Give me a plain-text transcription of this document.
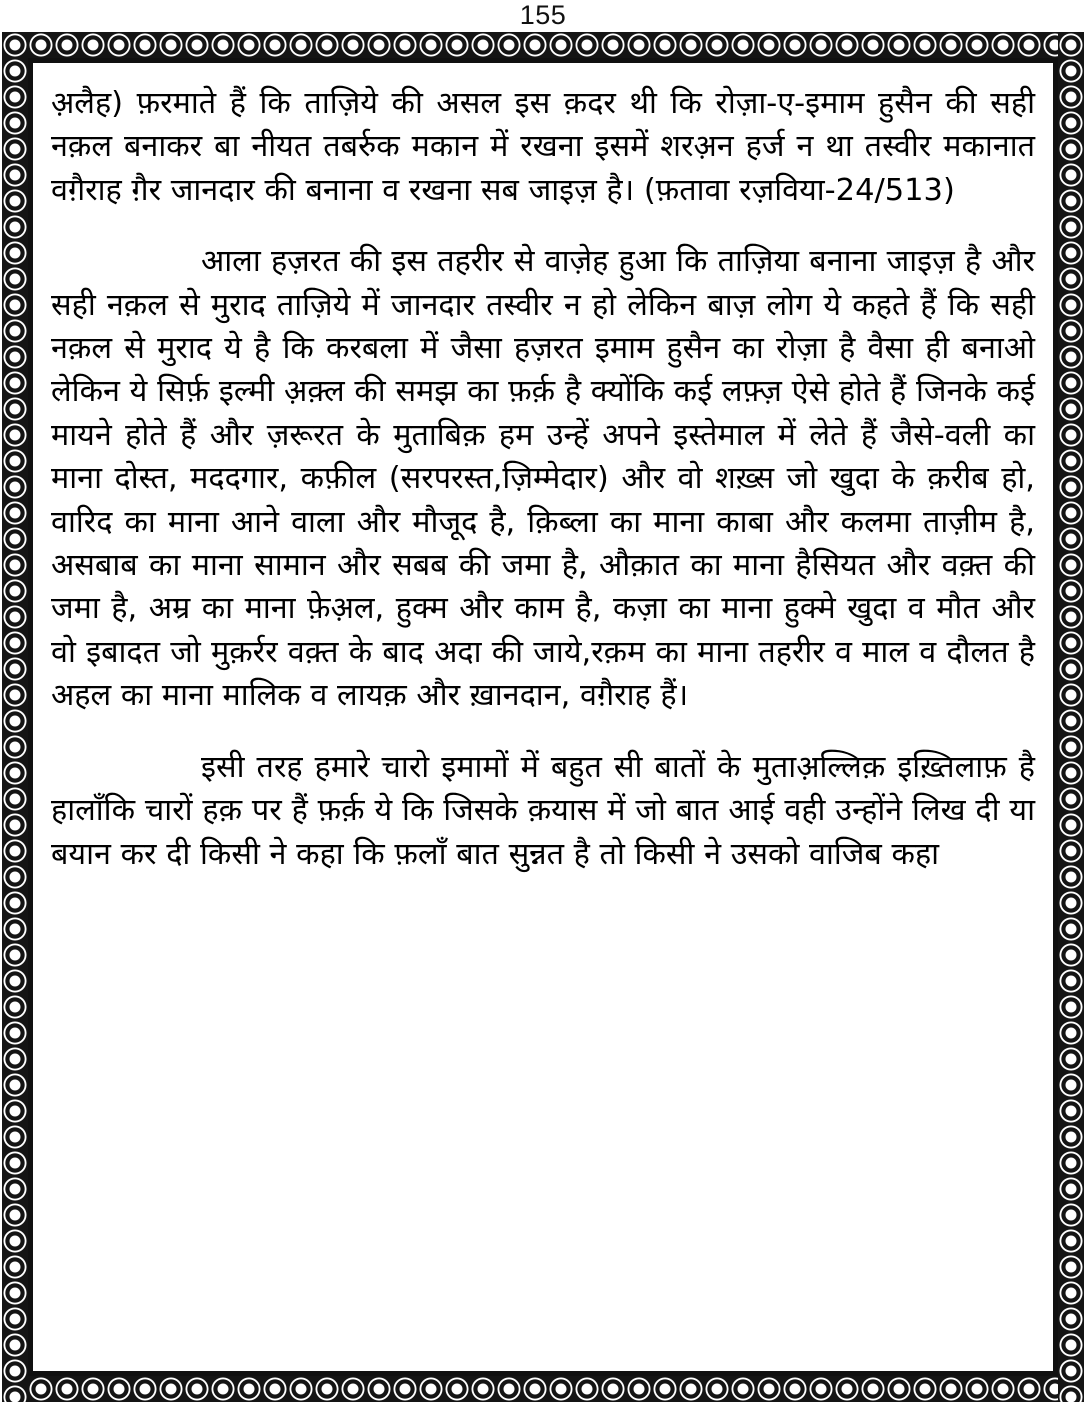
155

अ़लैह) फ़रमाते हैं कि ताज़िये की असल इस क़दर थी कि रोज़ा-ए-इमाम हुसैन की सही नक़ल बनाकर बा नीयत तबर्रुक मकान में रखना इसमें शरअ़न हर्ज न था तस्वीर मकानात वग़ैराह ग़ैर जानदार की बनाना व रखना सब जाइज़ है। (फ़तावा रज़विया-24/513)

आला हज़रत की इस तहरीर से वाज़ेह हुआ कि ताज़िया बनाना जाइज़ है और सही नक़ल से मुराद ताज़िये में जानदार तस्वीर न हो लेकिन बाज़ लोग ये कहते हैं कि सही नक़ल से मुराद ये है कि करबला में जैसा हज़रत इमाम हुसैन का रोज़ा है वैसा ही बनाओ लेकिन ये सिर्फ़ इल्मी अ़क़्ल की समझ का फ़र्क़ है क्योंकि कई लफ़्ज़ ऐसे होते हैं जिनके कई मायने होते हैं और ज़रूरत के मुताबिक़ हम उन्हें अपने इस्तेमाल में लेते हैं जैसे-वली का माना दोस्त, मददगार, कफ़ील (सरपरस्त,ज़िम्मेदार) और वो शख़्स जो खुदा के क़रीब हो, वारिद का माना आने वाला और मौजूद है, क़िब्ला का माना काबा और कलमा ताज़ीम है, असबाब का माना सामान और सबब की जमा है, औक़ात का माना हैसियत और वक़्त की जमा है, अम्र का माना फ़ेअ़ल, हुक्म और काम है, कज़ा का माना हुक्मे खुदा व मौत और वो इबादत जो मुक़र्रर वक़्त के बाद अदा की जाये,रक़म का माना तहरीर व माल व दौलत है अहल का माना मालिक व लायक़ और ख़ानदान, वग़ैराह हैं।

इसी तरह हमारे चारो इमामों में बहुत सी बातों के मुताअ़ल्लिक़ इख़्तिलाफ़ है हालाँकि चारों हक़ पर हैं फ़र्क़ ये कि जिसके क़यास में जो बात आई वही उन्होंने लिख दी या बयान कर दी किसी ने कहा कि फ़लाँ बात सुन्नत है तो किसी ने उसको वाजिब कहा
